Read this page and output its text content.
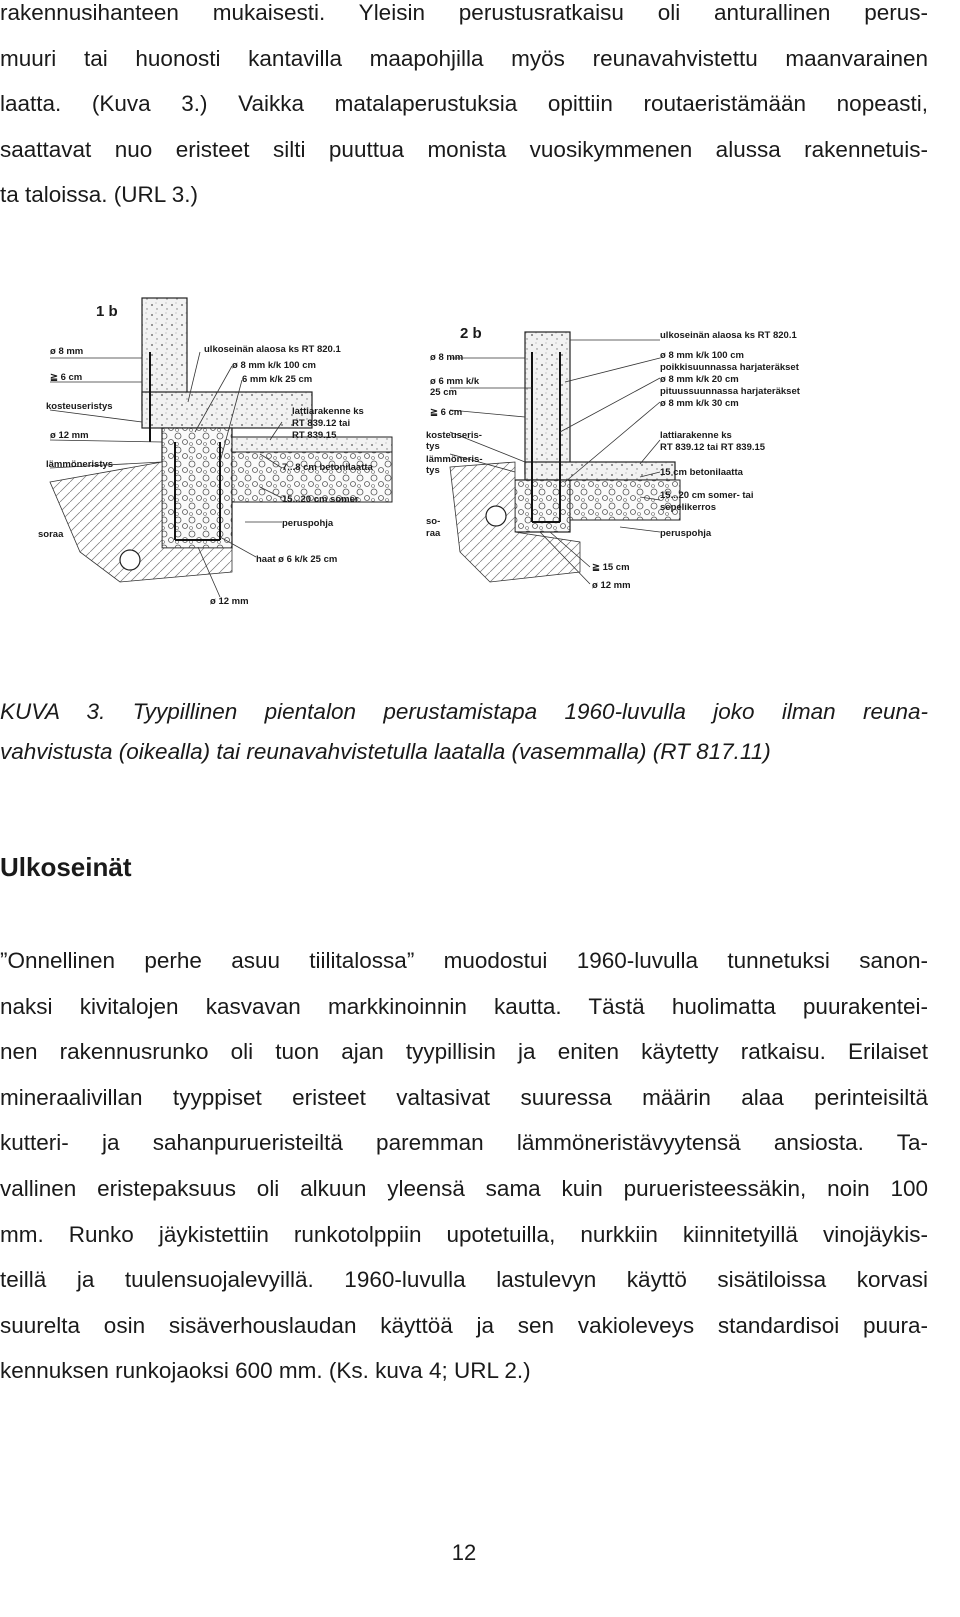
rakennusihanteen mukaisesti. Yleisin perustusratkaisu oli anturallinen perus-
muuri tai huonosti kantavilla maapohjilla myös reunavahvistettu maanvarainen
laatta. (Kuva 3.) Vaikka matalaperustuksia opittiin routaeristämään nopeasti,
saattavat nuo eristeet silti puuttua monista vuosikymmenen alussa rakennetuis-
ta taloissa. (URL 3.)

1 b
ø 8 mm
≧ 6 cm
kosteuseristys
ø 12 mm
lämmöneristys
soraa
ulkoseinän alaosa ks RT 820.1
ø 8 mm k/k 100 cm
6 mm k/k 25 cm
lattiarakenne ks
RT 839.12 tai
RT 839.15
7...8 cm betonilaatta
15...20 cm somer
peruspohja
haat ø 6 k/k 25 cm
ø 12 mm
2 b
ø 8 mm
ø 6 mm k/k
25 cm
≧ 6 cm
kosteuseris-
tys
lämmöneris-
tys
so-
raa
ulkoseinän alaosa ks RT 820.1
ø 8 mm k/k 100 cm
poikkisuunnassa harjateräkset
ø 8 mm k/k 20 cm
pituussuunnassa harjateräkset
ø 8 mm k/k 30 cm
lattiarakenne ks
RT 839.12 tai RT 839.15
15 cm betonilaatta
15...20 cm somer- tai
sepelikerros
peruspohja
≧ 15 cm
ø 12 mm

KUVA 3. Tyypillinen pientalon perustamistapa 1960-luvulla joko ilman reuna-
vahvistusta (oikealla) tai reunavahvistetulla laatalla (vasemmalla) (RT 817.11)

Ulkoseinät

”Onnellinen perhe asuu tiilitalossa” muodostui 1960-luvulla tunnetuksi sanon-
naksi kivitalojen kasvavan markkinoinnin kautta. Tästä huolimatta puurakentei-
nen rakennusrunko oli tuon ajan tyypillisin ja eniten käytetty ratkaisu. Erilaiset
mineraalivillan tyyppiset eristeet valtasivat suuressa määrin alaa perinteisiltä
kutteri- ja sahanpurueristeiltä paremman lämmöneristävyytensä ansiosta. Ta-
vallinen eristepaksuus oli alkuun yleensä sama kuin purueristeessäkin, noin 100
mm. Runko jäykistettiin runkotolppiin upotetuilla, nurkkiin kiinnitetyillä vinojäykis-
teillä ja tuulensuojalevyillä. 1960-luvulla lastulevyn käyttö sisätiloissa korvasi
suurelta osin sisäverhouslaudan käyttöä ja sen vakioleveys standardisoi puura-
kennuksen runkojaoksi 600 mm. (Ks. kuva 4; URL 2.)

12
